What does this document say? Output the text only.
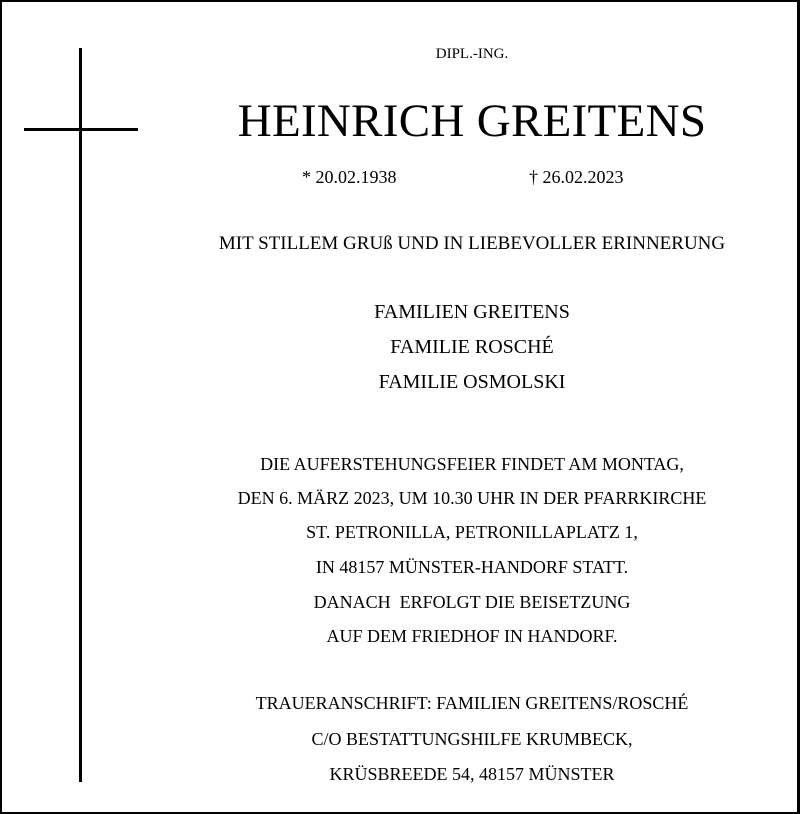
DIPL.-ING.
HEINRICH GREITENS
* 20.02.1938	† 26.02.2023
MIT STILLEM GRUß UND IN LIEBEVOLLER ERINNERUNG
FAMILIEN GREITENS
FAMILIE ROSCHÉ
FAMILIE OSMOLSKI
DIE AUFERSTEHUNGSFEIER FINDET AM MONTAG,
DEN 6. MÄRZ 2023, UM 10.30 UHR IN DER PFARRKIRCHE
ST. PETRONILLA, PETRONILLAPLATZ 1,
IN 48157 MÜNSTER-HANDORF STATT.
DANACH  ERFOLGT DIE BEISETZUNG
AUF DEM FRIEDHOF IN HANDORF.
TRAUERANSCHRIFT: FAMILIEN GREITENS/ROSCHÉ
C/O BESTATTUNGSHILFE KRUMBECK,
KRÜSBREEDE 54, 48157 MÜNSTER
